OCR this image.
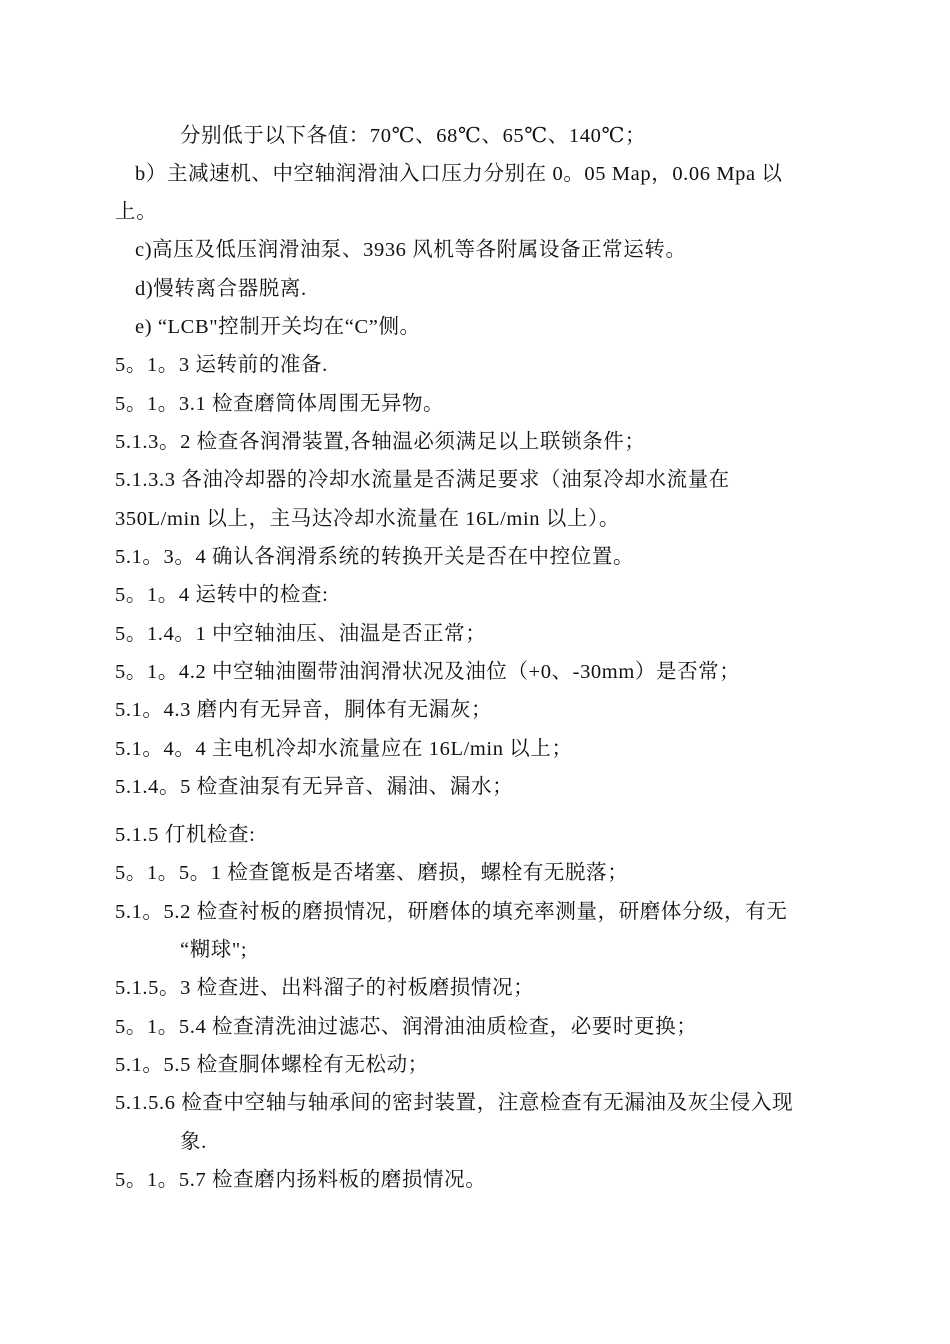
分别低于以下各值：70℃、68℃、65℃、140℃；
b）主减速机、中空轴润滑油入口压力分别在 0。05 Map，0.06 Mpa 以
上。
c)高压及低压润滑油泵、3936 风机等各附属设备正常运转。
d)慢转离合器脱离.
e) “LCB"控制开关均在“C”侧。
5。1。3 运转前的准备.
5。1。3.1 检查磨筒体周围无异物。
5.1.3。2 检查各润滑装置,各轴温必须满足以上联锁条件；
5.1.3.3 各油冷却器的冷却水流量是否满足要求（油泵冷却水流量在
350L/min 以上，主马达冷却水流量在 16L/min 以上）。
5.1。3。4 确认各润滑系统的转换开关是否在中控位置。
5。1。4 运转中的检查:
5。1.4。1 中空轴油压、油温是否正常；
5。1。4.2 中空轴油圈带油润滑状况及油位（+0、-30mm）是否常；
5.1。4.3 磨内有无异音，胴体有无漏灰；
5.1。4。4 主电机冷却水流量应在 16L/min 以上；
5.1.4。5 检查油泵有无异音、漏油、漏水；
5.1.5 仃机检查:
5。1。5。1 检查篦板是否堵塞、磨损，螺栓有无脱落；
5.1。5.2 检查衬板的磨损情况，研磨体的填充率测量，研磨体分级，有无
“糊球";
5.1.5。3 检查进、出料溜子的衬板磨损情况；
5。1。5.4 检查清洗油过滤芯、润滑油油质检查，必要时更换；
5.1。5.5 检查胴体螺栓有无松动；
5.1.5.6 检查中空轴与轴承间的密封装置，注意检查有无漏油及灰尘侵入现
象.
5。1。5.7 检查磨内扬料板的磨损情况。
